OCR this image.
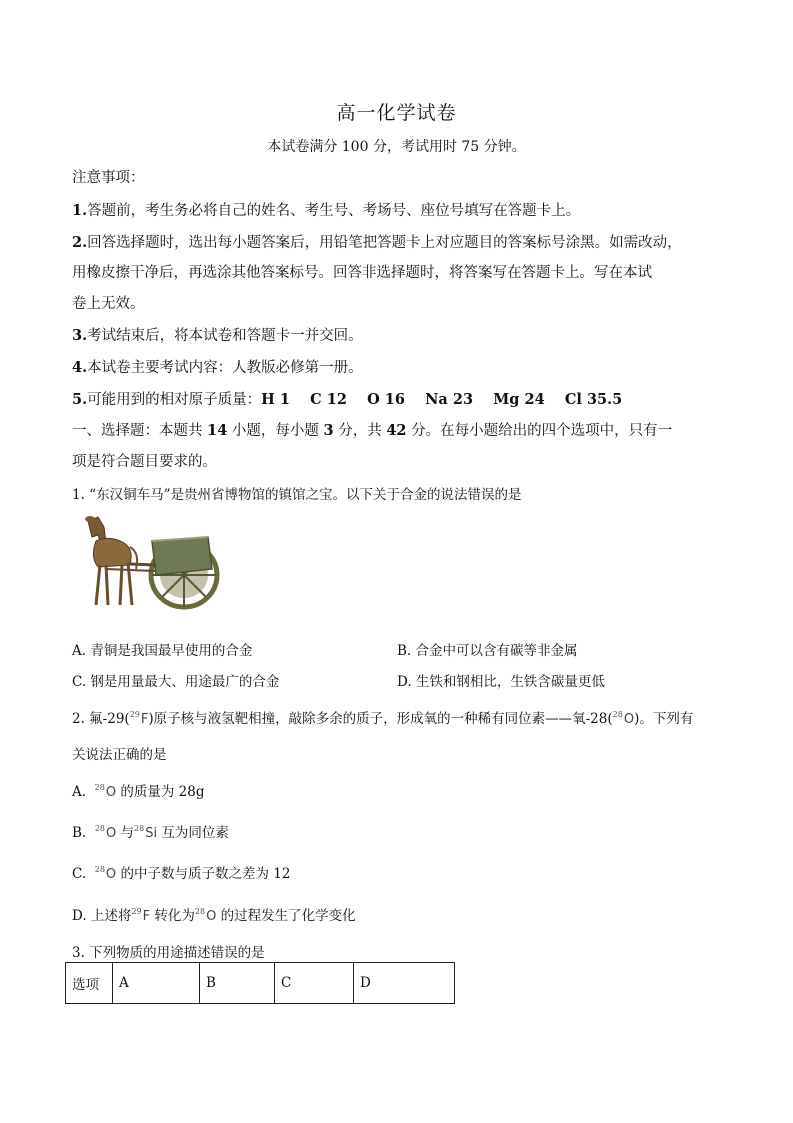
高一化学试卷
本试卷满分 100 分，考试用时 75 分钟。
注意事项：
1.答题前，考生务必将自己的姓名、考生号、考场号、座位号填写在答题卡上。
2.回答选择题时，选出每小题答案后，用铅笔把答题卡上对应题目的答案标号涂黑。如需改动，
用橡皮擦干净后，再选涂其他答案标号。回答非选择题时，将答案写在答题卡上。写在本试
卷上无效。
3.考试结束后，将本试卷和答题卡一并交回。
4.本试卷主要考试内容：人教版必修第一册。
5.可能用到的相对原子质量：H 1    C 12    O 16    Na 23    Mg 24    Cl 35.5
一、选择题：本题共 14 小题，每小题 3 分，共 42 分。在每小题给出的四个选项中，只有一
项是符合题目要求的。
1. “东汉铜车马”是贵州省博物馆的镇馆之宝。以下关于合金的说法错误的是
A. 青铜是我国最早使用的合金	B. 合金中可以含有碳等非金属
C. 钢是用量最大、用途最广的合金	D. 生铁和钢相比，生铁含碳量更低
2. 氟-29($^{29}$F)原子核与液氢靶相撞，敲除多余的质子，形成氧的一种稀有同位素——氧-28($^{28}$O)。下列有
关说法正确的是
A. $^{28}$O 的质量为 28g
B. $^{28}$O 与$^{28}$Si 互为同位素
C. $^{28}$O 的中子数与质子数之差为 12
D. 上述将$^{29}$F 转化为$^{28}$O 的过程发生了化学变化
3. 下列物质的用途描述错误的是
选项	A	B	C	D
